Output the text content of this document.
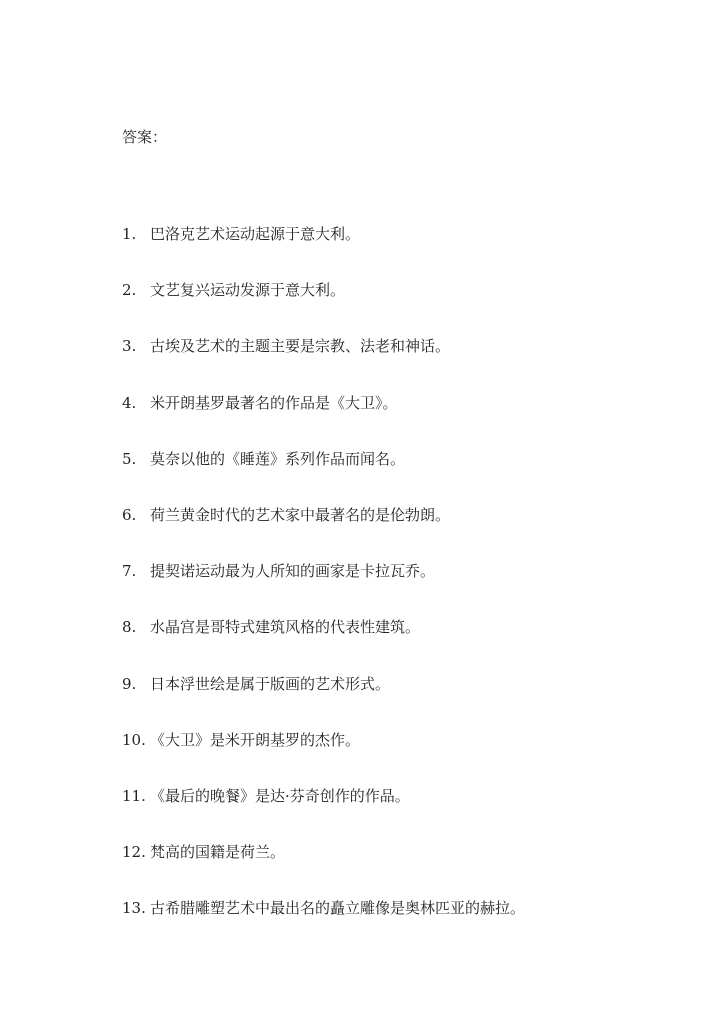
答案：
1. 巴洛克艺术运动起源于意大利。
2. 文艺复兴运动发源于意大利。
3. 古埃及艺术的主题主要是宗教、法老和神话。
4. 米开朗基罗最著名的作品是《大卫》。
5. 莫奈以他的《睡莲》系列作品而闻名。
6. 荷兰黄金时代的艺术家中最著名的是伦勃朗。
7. 提契诺运动最为人所知的画家是卡拉瓦乔。
8. 水晶宫是哥特式建筑风格的代表性建筑。
9. 日本浮世绘是属于版画的艺术形式。
10. 《大卫》是米开朗基罗的杰作。
11. 《最后的晚餐》是达·芬奇创作的作品。
12. 梵高的国籍是荷兰。
13. 古希腊雕塑艺术中最出名的矗立雕像是奥林匹亚的赫拉。
